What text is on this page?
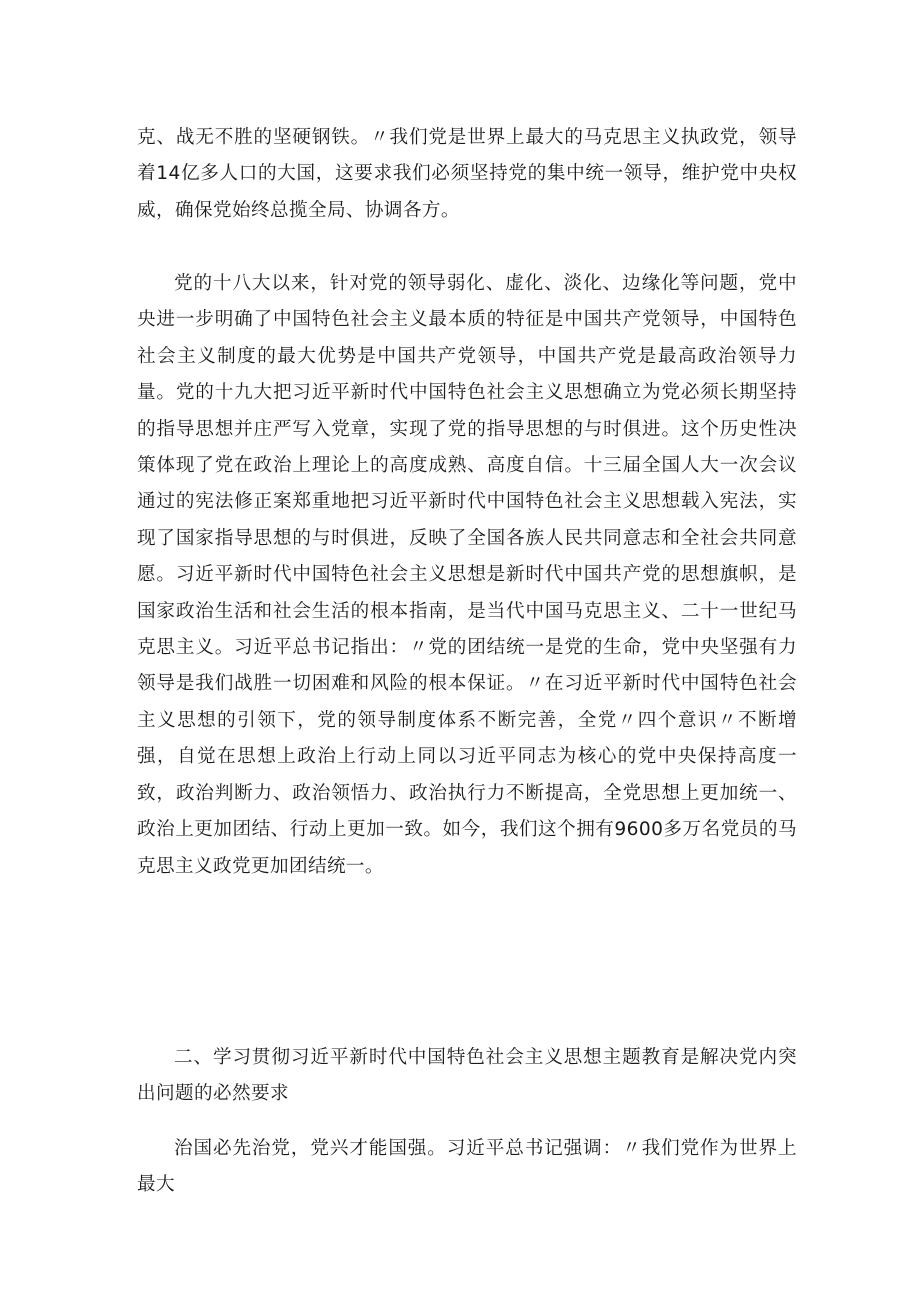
克、战无不胜的坚硬钢铁。〃我们党是世界上最大的马克思主义执政党，领导着14亿多人口的大国，这要求我们必须坚持党的集中统一领导，维护党中央权威，确保党始终总揽全局、协调各方。

党的十八大以来，针对党的领导弱化、虚化、淡化、边缘化等问题，党中央进一步明确了中国特色社会主义最本质的特征是中国共产党领导，中国特色社会主义制度的最大优势是中国共产党领导，中国共产党是最高政治领导力量。党的十九大把习近平新时代中国特色社会主义思想确立为党必须长期坚持的指导思想并庄严写入党章，实现了党的指导思想的与时俱进。这个历史性决策体现了党在政治上理论上的高度成熟、高度自信。十三届全国人大一次会议通过的宪法修正案郑重地把习近平新时代中国特色社会主义思想载入宪法，实现了国家指导思想的与时俱进，反映了全国各族人民共同意志和全社会共同意愿。习近平新时代中国特色社会主义思想是新时代中国共产党的思想旗帜，是国家政治生活和社会生活的根本指南，是当代中国马克思主义、二十一世纪马克思主义。习近平总书记指出：〃党的团结统一是党的生命，党中央坚强有力领导是我们战胜一切困难和风险的根本保证。〃在习近平新时代中国特色社会主义思想的引领下，党的领导制度体系不断完善，全党〃四个意识〃不断增强，自觉在思想上政治上行动上同以习近平同志为核心的党中央保持高度一致，政治判断力、政治领悟力、政治执行力不断提高，全党思想上更加统一、政治上更加团结、行动上更加一致。如今，我们这个拥有9600多万名党员的马克思主义政党更加团结统一。

二、学习贯彻习近平新时代中国特色社会主义思想主题教育是解决党内突出问题的必然要求

治国必先治党，党兴才能国强。习近平总书记强调：〃我们党作为世界上最大
